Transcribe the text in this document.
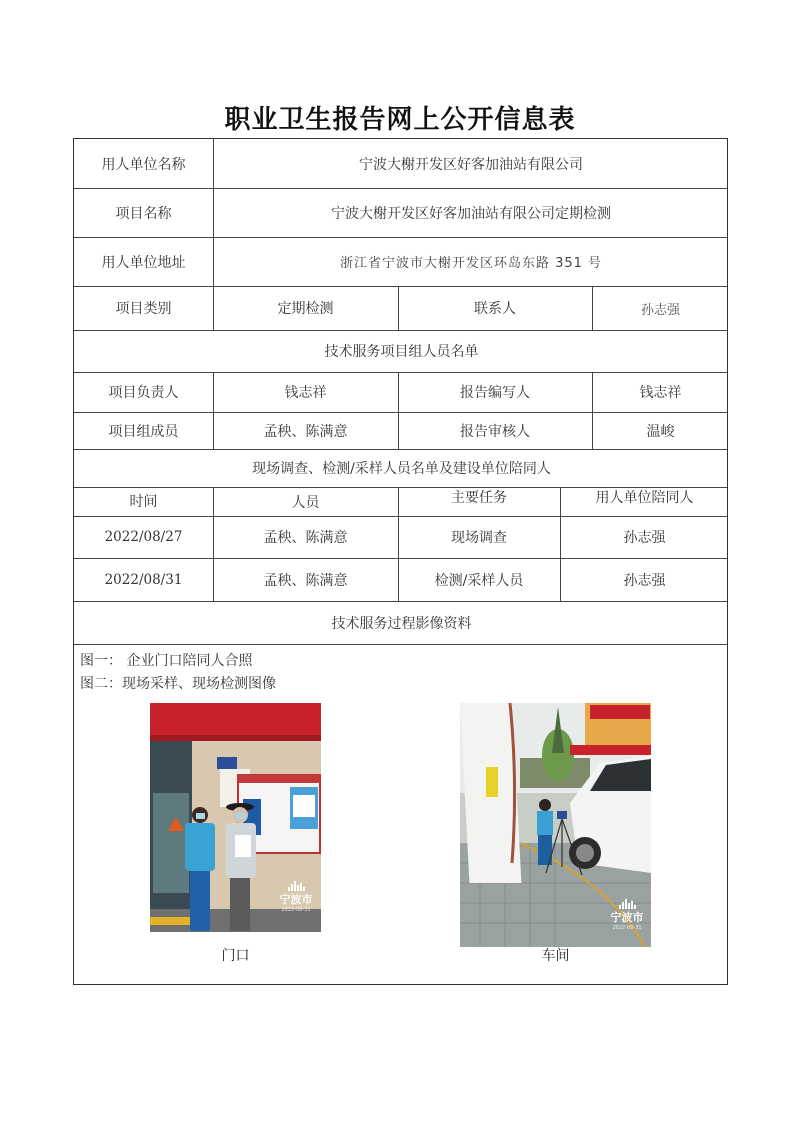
职业卫生报告网上公开信息表
用人单位名称	宁波大榭开发区好客加油站有限公司
项目名称	宁波大榭开发区好客加油站有限公司定期检测
用人单位地址	浙江省宁波市大榭开发区环岛东路 351 号
项目类别	定期检测	联系人	孙志强
技术服务项目组人员名单
项目负责人	钱志祥	报告编写人	钱志祥
项目组成员	孟秧、陈满意	报告审核人	温峻
现场调查、检测/采样人员名单及建设单位陪同人
时间	人员	主要任务	用人单位陪同人
2022/08/27	孟秧、陈满意	现场调查	孙志强
2022/08/31	孟秧、陈满意	检测/采样人员	孙志强
技术服务过程影像资料
图一： 企业门口陪同人合照
图二：现场采样、现场检测图像
宁波市
2022-08-31
门口
宁波市
2022-08-31
车间
